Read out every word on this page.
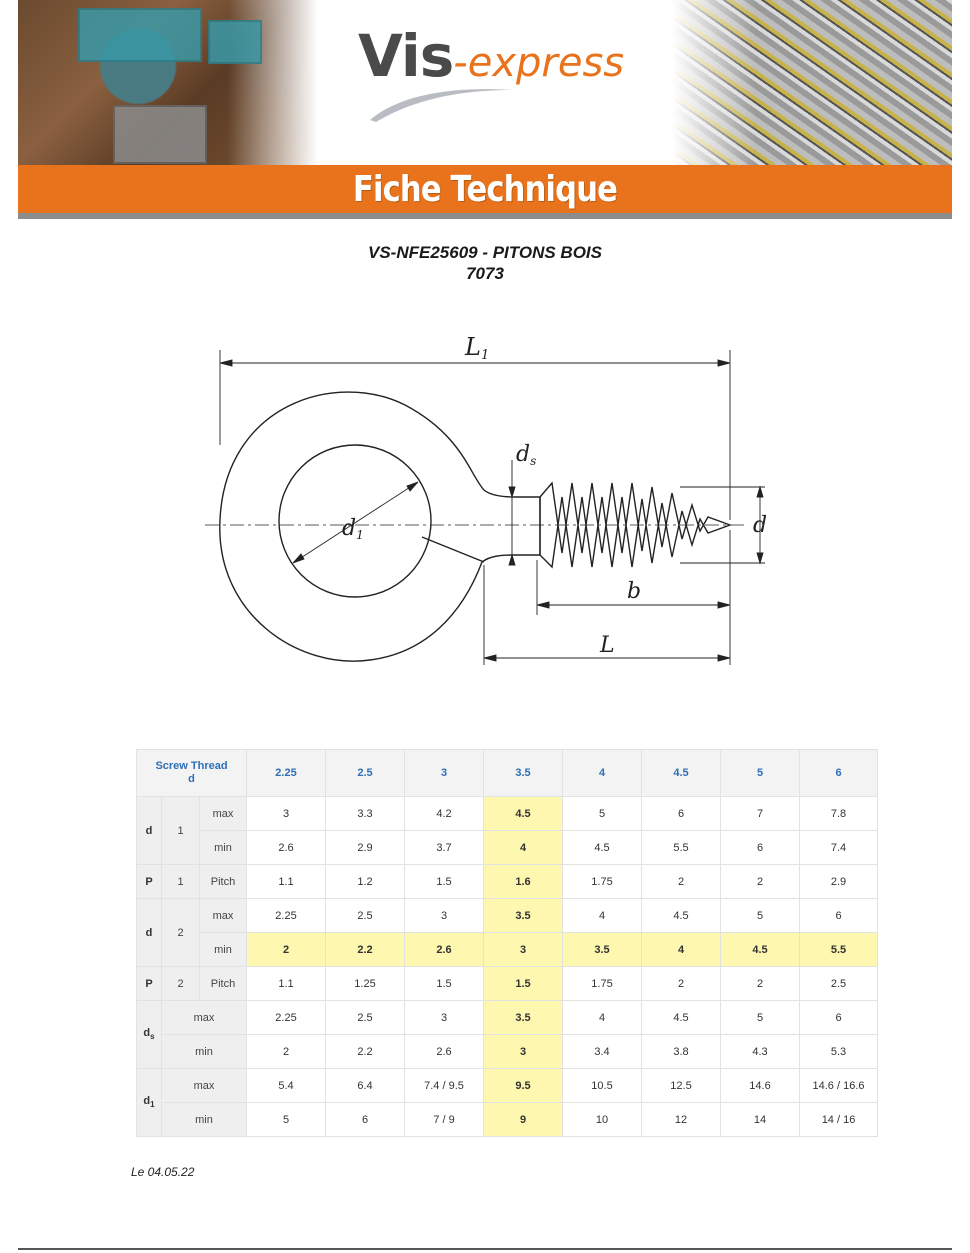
Vis-express
Fiche Technique
VS-NFE25609 - PITONS BOIS
7073
L1
ds
d1	d
b
L
Screw Thread
d			2.25	2.5	3	3.5	4	4.5	5	6
d	1	max	3	3.3	4.2	4.5	5	6	7	7.8
		min	2.6	2.9	3.7	4	4.5	5.5	6	7.4
P	1	Pitch	1.1	1.2	1.5	1.6	1.75	2	2	2.9
d	2	max	2.25	2.5	3	3.5	4	4.5	5	6
		min	2	2.2	2.6	3	3.5	4	4.5	5.5
P	2	Pitch	1.1	1.25	1.5	1.5	1.75	2	2	2.5
$d_s$	max		2.25	2.5	3	3.5	4	4.5	5	6
	min		2	2.2	2.6	3	3.4	3.8	4.3	5.3
$d_1$	max		5.4	6.4	7.4 / 9.5	9.5	10.5	12.5	14.6	14.6 / 16.6
	min		5	6	7 / 9	9	10	12	14	14 / 16
Le 04.05.22
